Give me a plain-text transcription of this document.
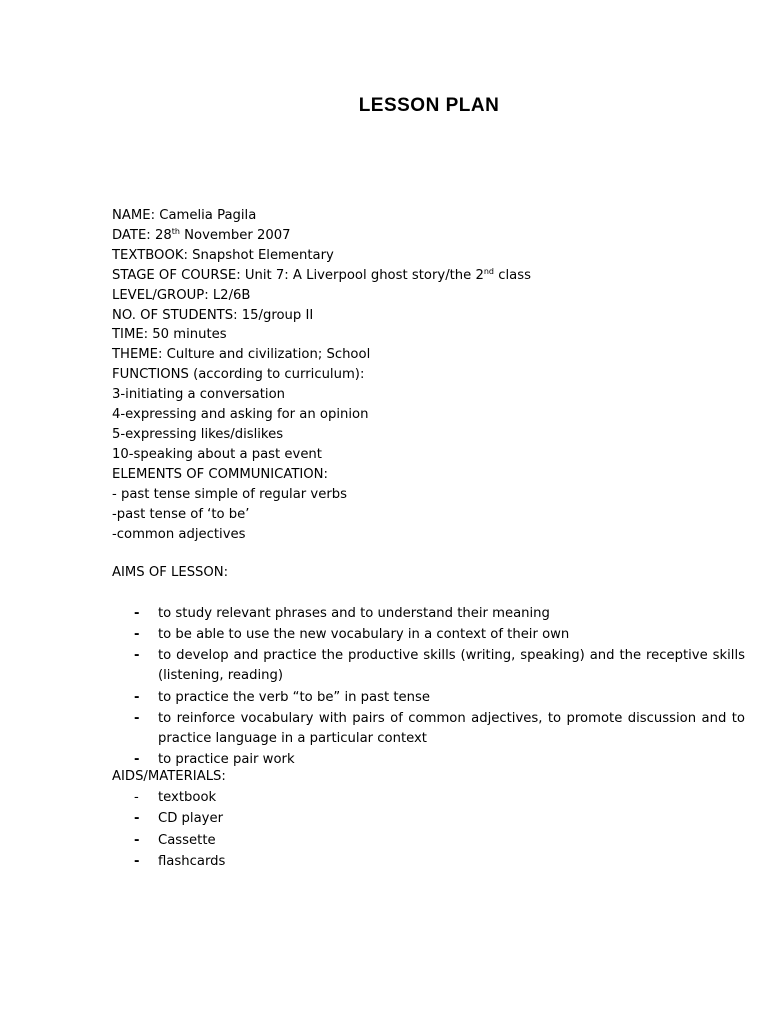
LESSON PLAN
NAME: Camelia Pagila
DATE: 28th November 2007
TEXTBOOK: Snapshot Elementary
STAGE OF COURSE: Unit 7: A Liverpool ghost story/the 2nd class
LEVEL/GROUP: L2/6B
NO. OF STUDENTS: 15/group II
TIME: 50 minutes
THEME: Culture and civilization; School
FUNCTIONS (according to curriculum):
3-initiating a conversation
4-expressing and asking for an opinion
5-expressing likes/dislikes
10-speaking about a past event
ELEMENTS OF COMMUNICATION:
- past tense simple of regular verbs
-past tense of ‘to be’
-common adjectives
AIMS OF LESSON:
- to study relevant phrases and to understand their meaning
- to be able to use the new vocabulary in a context of their own
- to develop and practice the productive skills (writing, speaking) and the receptive skills (listening, reading)
- to practice the verb “to be” in past tense
- to reinforce vocabulary with pairs of common adjectives, to promote discussion and to practice language in a particular context
- to practice pair work
AIDS/MATERIALS:
- textbook
- CD player
- Cassette
- flashcards
